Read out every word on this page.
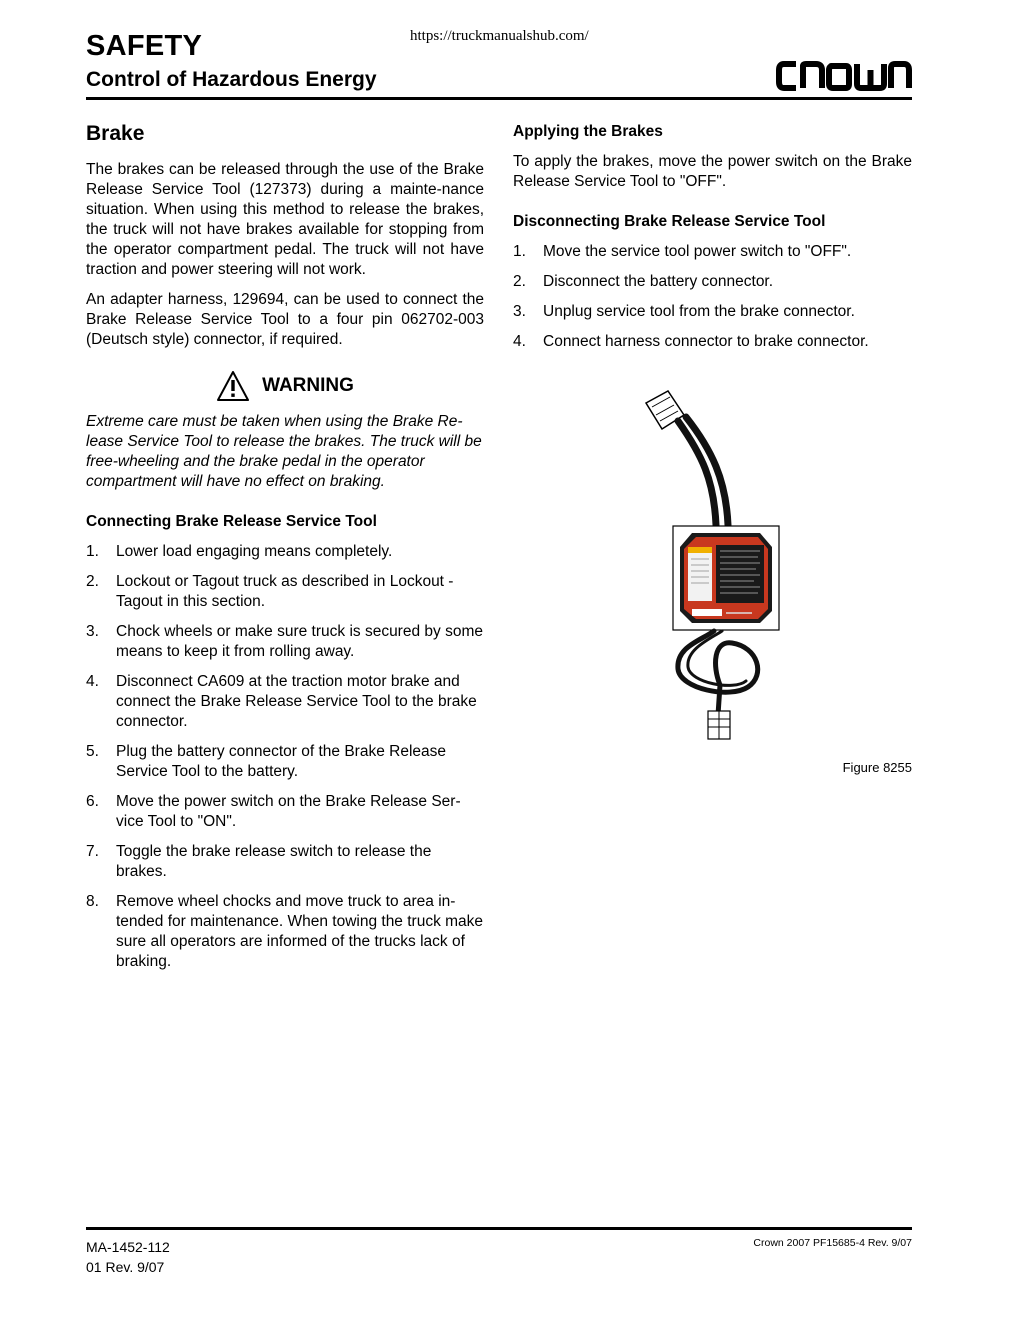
https://truckmanualshub.com/
SAFETY
Control of Hazardous Energy
Brake

The brakes can be released through the use of the Brake Release Service Tool (127373) during a mainte-nance situation. When using this method to release the brakes, the truck will not have brakes available for stopping from the operator compartment pedal. The truck will not have traction and power steering will not work.

An adapter harness, 129694, can be used to connect the Brake Release Service Tool to a four pin 062702-003 (Deutsch style) connector, if required.

WARNING

Extreme care must be taken when using the Brake Re-lease Service Tool to release the brakes. The truck will be free-wheeling and the brake pedal in the operator compartment will have no effect on braking.

Connecting Brake Release Service Tool
1.	Lower load engaging means completely.
2.	Lockout or Tagout truck as described in Lockout - Tagout in this section.
3.	Chock wheels or make sure truck is secured by some means to keep it from rolling away.
4.	Disconnect CA609 at the traction motor brake and connect the Brake Release Service Tool to the brake connector.
5.	Plug the battery connector of the Brake Release Service Tool to the battery.
6.	Move the power switch on the Brake Release Ser-vice Tool to "ON".
7.	Toggle the brake release switch to release the brakes.
8.	Remove wheel chocks and move truck to area in-tended for maintenance. When towing the truck make sure all operators are informed of the trucks lack of braking.
Applying the Brakes

To apply the brakes, move the power switch on the Brake Release Service Tool to "OFF".

Disconnecting Brake Release Service Tool
1.	Move the service tool power switch to "OFF".
2.	Disconnect the battery connector.
3.	Unplug service tool from the brake connector.
4.	Connect harness connector to brake connector.
Figure 8255
MA-1452-112
01 Rev. 9/07
Crown 2007 PF15685-4 Rev. 9/07
